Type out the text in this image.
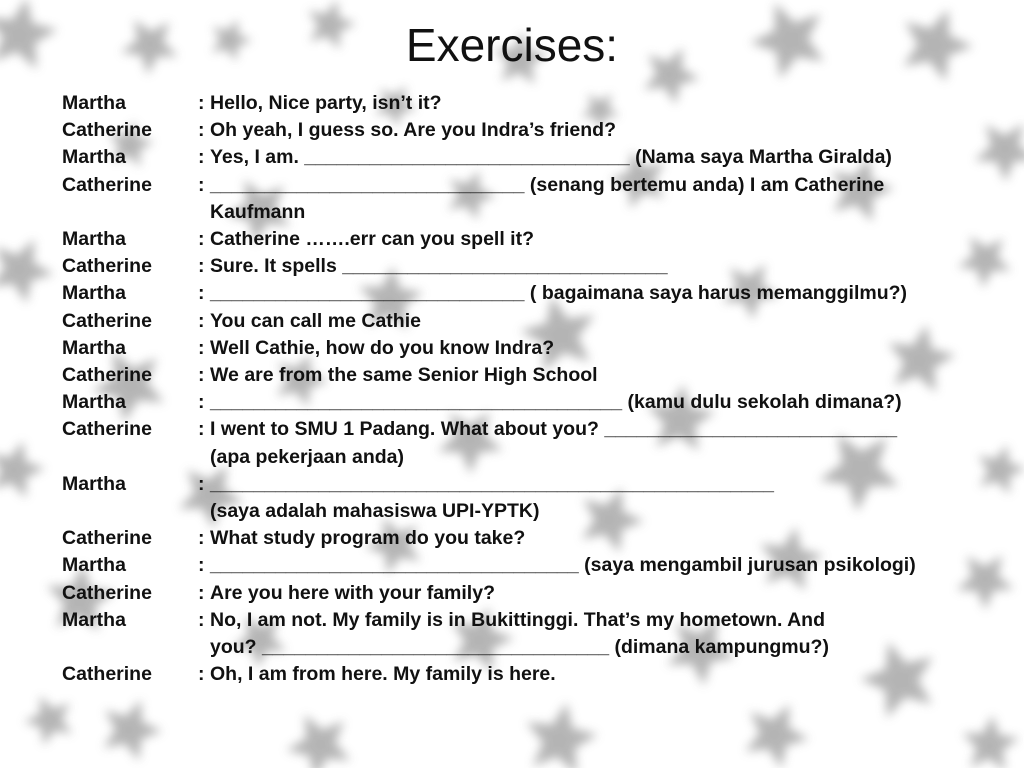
Exercises:
Martha	: Hello, Nice party, isn’t it?
Catherine	: Oh yeah, I guess so. Are you Indra’s friend?
Martha	: Yes, I am. ______________________________ (Nama saya Martha Giralda)
Catherine	: _____________________________ (senang bertemu anda) I am Catherine
Kaufmann
Martha	: Catherine …….err can you spell it?
Catherine	: Sure. It spells ______________________________
Martha	: _____________________________ ( bagaimana saya harus memanggilmu?)
Catherine	: You can call me Cathie
Martha	: Well Cathie, how do you know Indra?
Catherine	: We are from the same Senior High School
Martha	: ______________________________________ (kamu dulu sekolah dimana?)
Catherine	: I went to SMU 1 Padang. What about you? ___________________________
(apa pekerjaan anda)
Martha	: ____________________________________________________
(saya adalah mahasiswa UPI-YPTK)
Catherine	: What study program do you take?
Martha	: __________________________________ (saya mengambil jurusan psikologi)
Catherine	: Are you here with your family?
Martha	: No, I am not. My family is in Bukittinggi. That’s my hometown. And
you? ________________________________ (dimana kampungmu?)
Catherine	: Oh, I am from here. My family is here.
